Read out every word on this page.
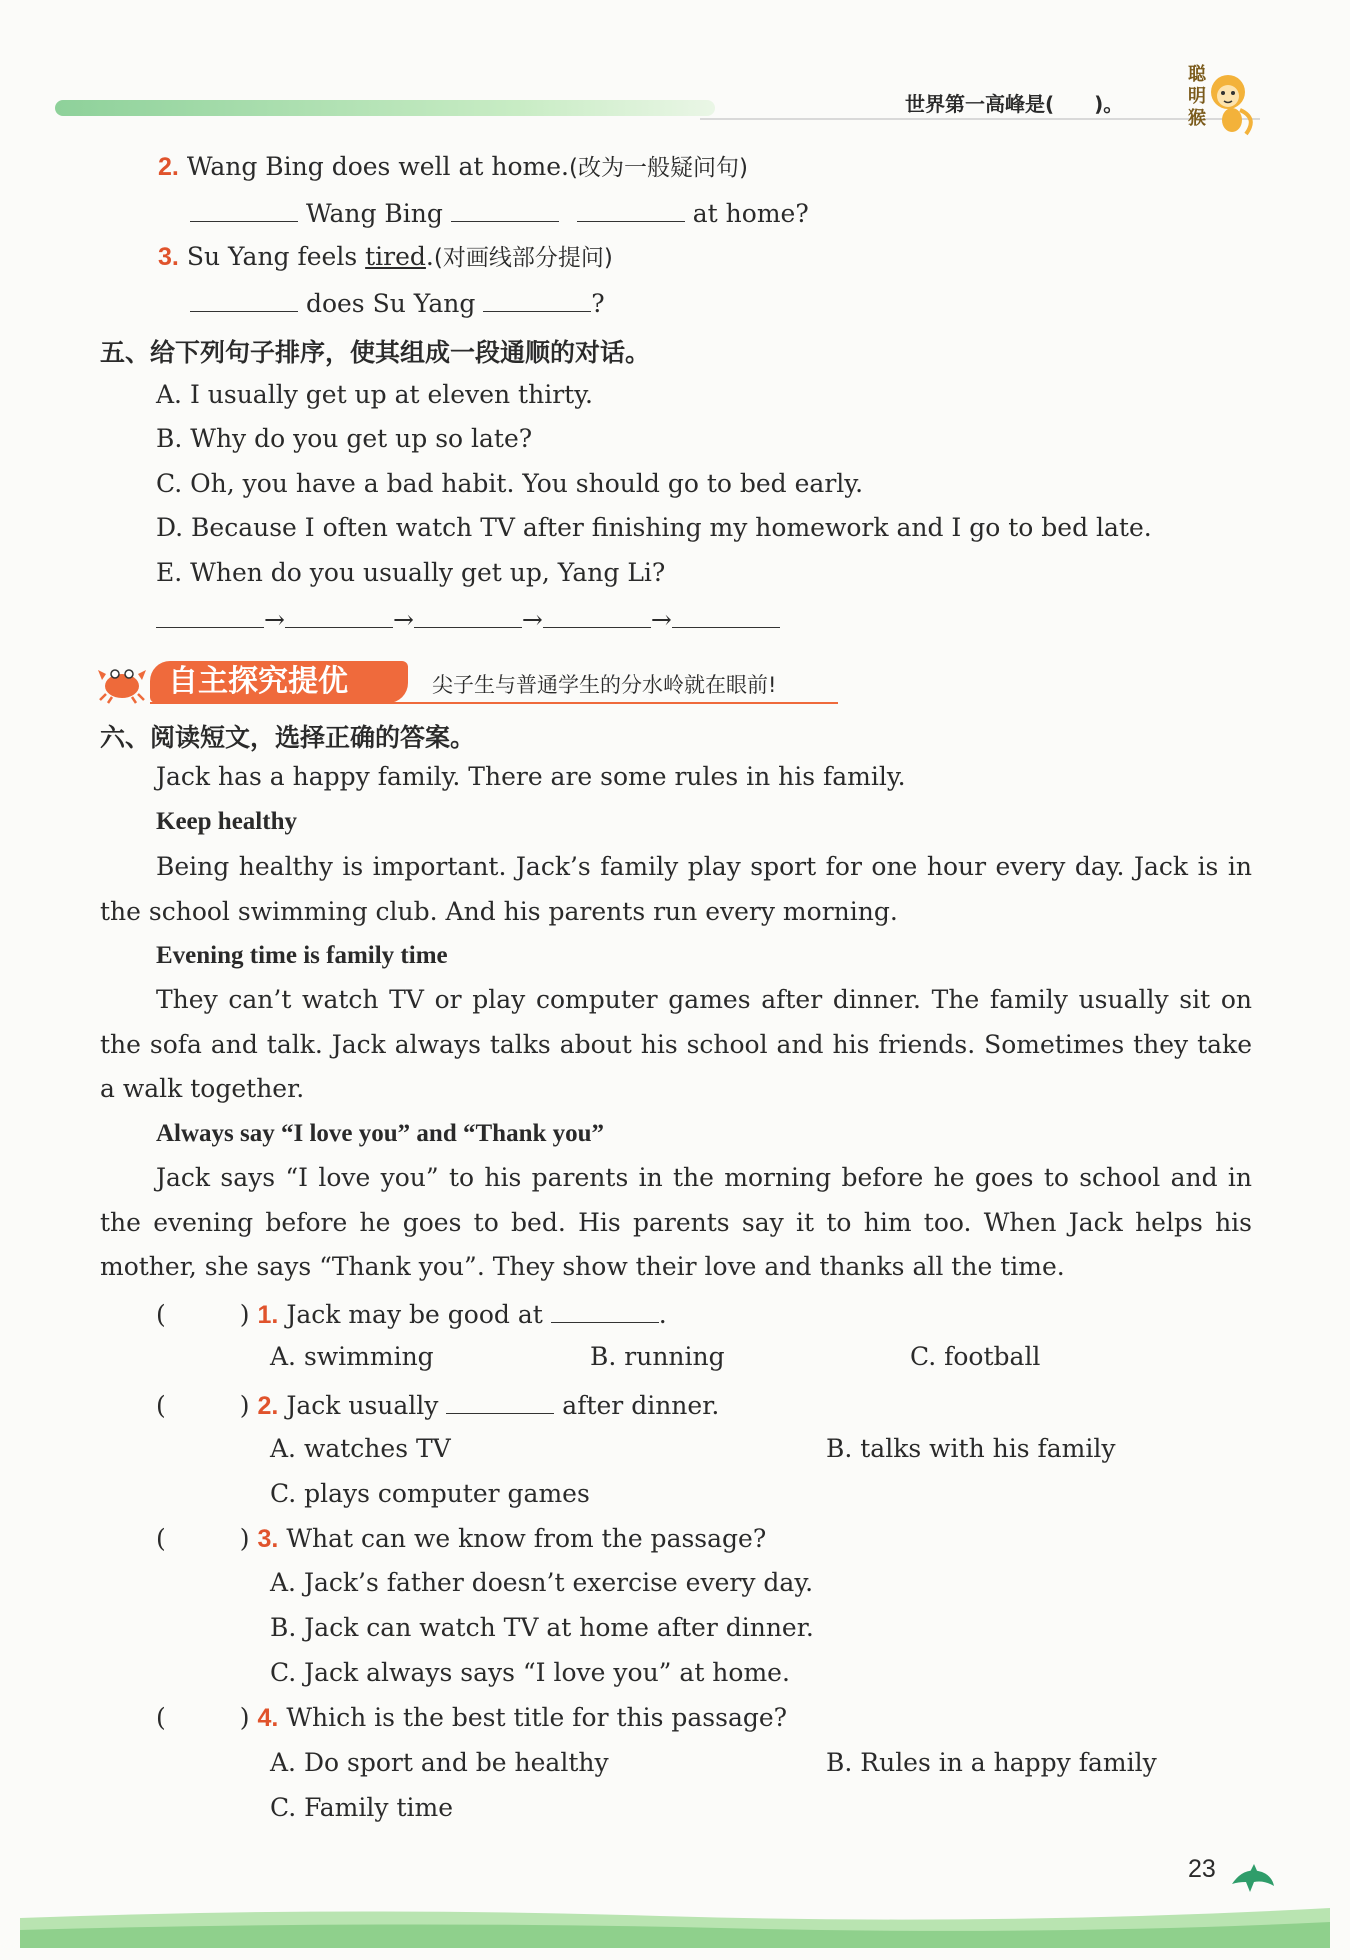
世界第一高峰是(　　)。
聪明猴
2. Wang Bing does well at home.(改为一般疑问句)
Wang Bing	at home?
3. Su Yang feels tired.(对画线部分提问)
does Su Yang	?
五、给下列句子排序，使其组成一段通顺的对话。
A. I usually get up at eleven thirty.
B. Why do you get up so late?
C. Oh, you have a bad habit. You should go to bed early.
D. Because I often watch TV after finishing my homework and I go to bed late.
E. When do you usually get up, Yang Li?
→	→	→	→
自主探究提优	尖子生与普通学生的分水岭就在眼前!
六、阅读短文，选择正确的答案。
Jack has a happy family. There are some rules in his family.
Keep healthy
Being healthy is important. Jack’s family play sport for one hour every day. Jack is in the school swimming club. And his parents run every morning.
Evening time is family time
They can’t watch TV or play computer games after dinner. The family usually sit on the sofa and talk. Jack always talks about his school and his friends. Sometimes they take a walk together.
Always say “I love you” and “Thank you”
Jack says “I love you” to his parents in the morning before he goes to school and in the evening before he goes to bed. His parents say it to him too. When Jack helps his mother, she says “Thank you”. They show their love and thanks all the time.
(　　)1. Jack may be good at	.
A. swimming	B. running	C. football
(　　)2. Jack usually	after dinner.
A. watches TV	B. talks with his family
C. plays computer games
(　　)3. What can we know from the passage?
A. Jack’s father doesn’t exercise every day.
B. Jack can watch TV at home after dinner.
C. Jack always says “I love you” at home.
(　　)4. Which is the best title for this passage?
A. Do sport and be healthy	B. Rules in a happy family
C. Family time
23
